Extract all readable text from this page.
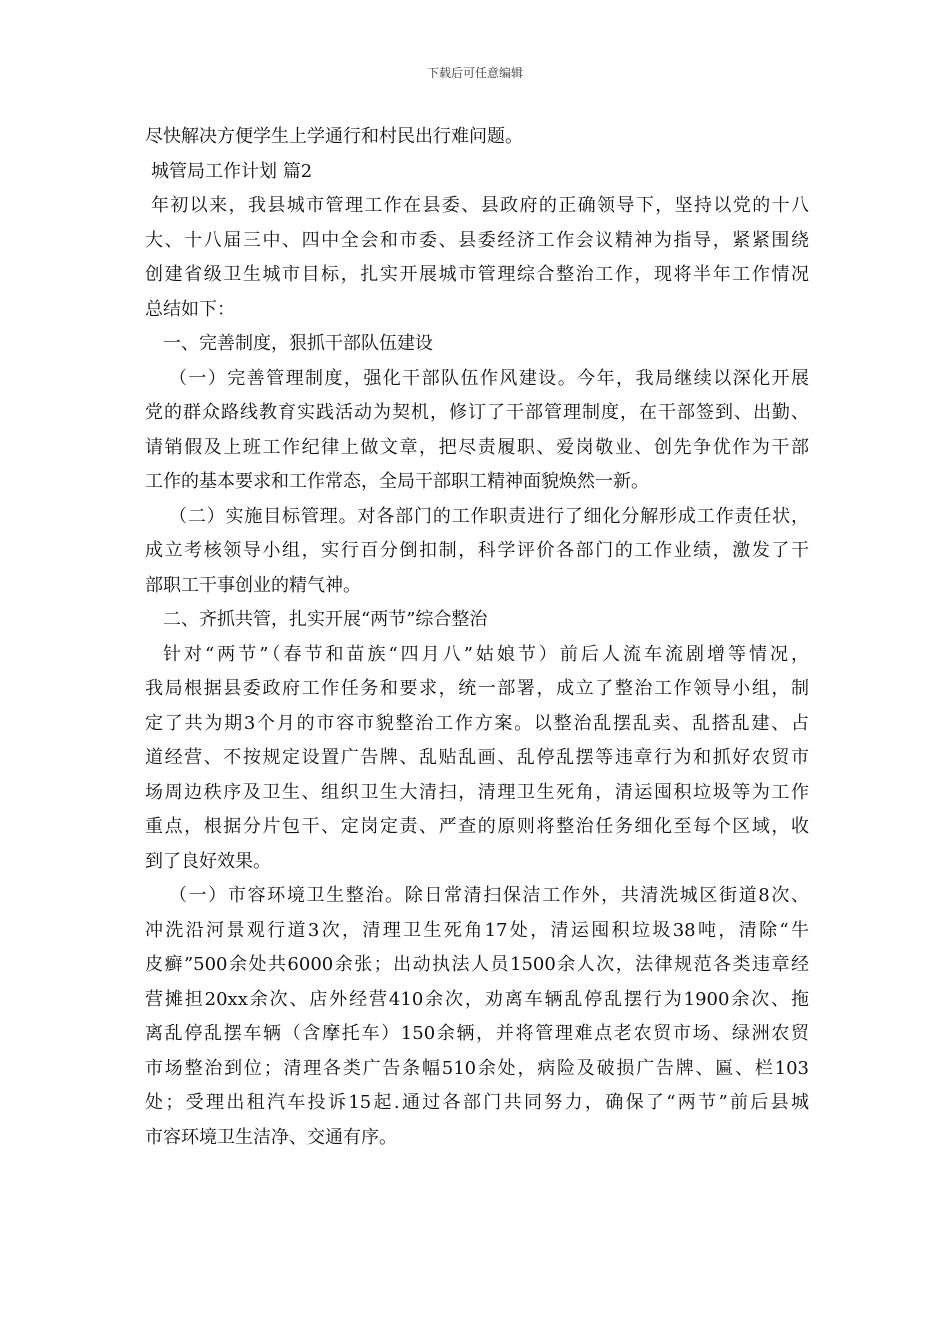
下载后可任意编辑
尽快解决方便学生上学通行和村民出行难问题。
城管局工作计划 篇2
年初以来，我县城市管理工作在县委、县政府的正确领导下，坚持以党的十八
大、十八届三中、四中全会和市委、县委经济工作会议精神为指导，紧紧围绕
创建省级卫生城市目标，扎实开展城市管理综合整治工作，现将半年工作情况
总结如下：
一、完善制度，狠抓干部队伍建设
（一）完善管理制度，强化干部队伍作风建设。今年，我局继续以深化开展
党的群众路线教育实践活动为契机，修订了干部管理制度，在干部签到、出勤、
请销假及上班工作纪律上做文章，把尽责履职、爱岗敬业、创先争优作为干部
工作的基本要求和工作常态，全局干部职工精神面貌焕然一新。
（二）实施目标管理。对各部门的工作职责进行了细化分解形成工作责任状，
成立考核领导小组，实行百分倒扣制，科学评价各部门的工作业绩，激发了干
部职工干事创业的精气神。
二、齐抓共管，扎实开展“两节”综合整治
针对“两节”（春节和苗族“四月八”姑娘节）前后人流车流剧增等情况，
我局根据县委政府工作任务和要求，统一部署，成立了整治工作领导小组，制
定了共为期3个月的市容市貌整治工作方案。以整治乱摆乱卖、乱搭乱建、占
道经营、不按规定设置广告牌、乱贴乱画、乱停乱摆等违章行为和抓好农贸市
场周边秩序及卫生、组织卫生大清扫，清理卫生死角，清运囤积垃圾等为工作
重点，根据分片包干、定岗定责、严查的原则将整治任务细化至每个区域，收
到了良好效果。
（一）市容环境卫生整治。除日常清扫保洁工作外，共清洗城区街道8次、
冲洗沿河景观行道3次，清理卫生死角17处，清运囤积垃圾38吨，清除“牛
皮癣”500余处共6000余张；出动执法人员1500余人次，法律规范各类违章经
营摊担20xx余次、店外经营410余次，劝离车辆乱停乱摆行为1900余次、拖
离乱停乱摆车辆（含摩托车）150余辆，并将管理难点老农贸市场、绿洲农贸
市场整治到位；清理各类广告条幅510余处，病险及破损广告牌、匾、栏103
处；受理出租汽车投诉15起.通过各部门共同努力，确保了“两节”前后县城
市容环境卫生洁净、交通有序。
